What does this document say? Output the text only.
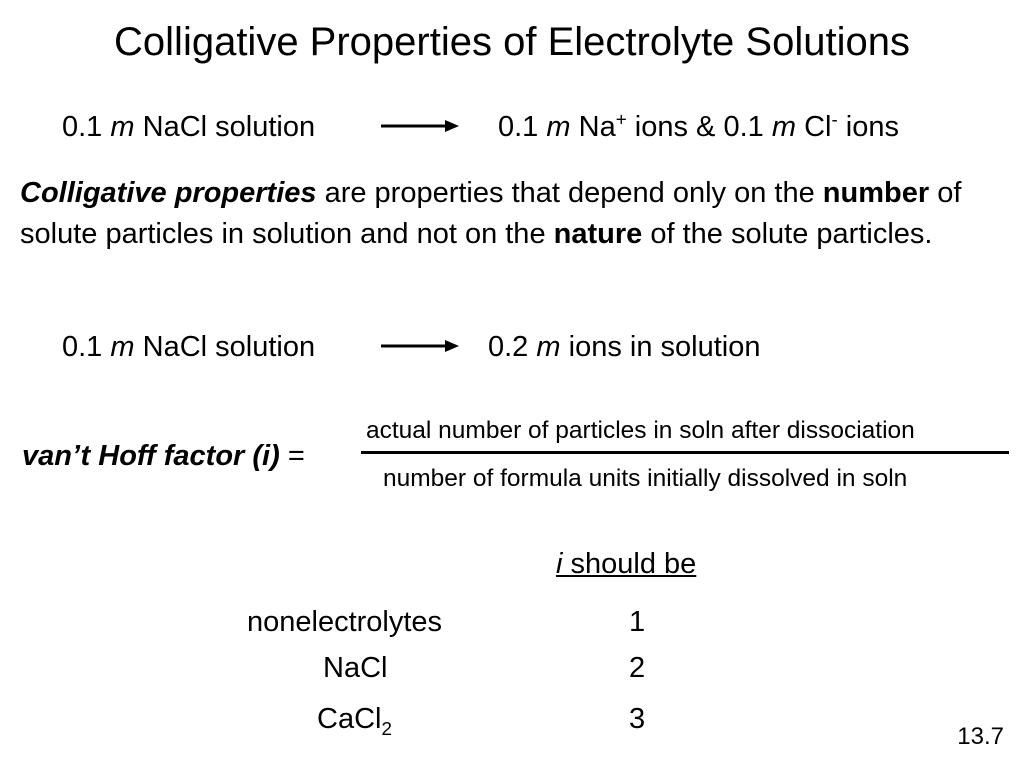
Colligative Properties of Electrolyte Solutions
0.1 m NaCl solution	0.1 m Na+ ions & 0.1 m Cl- ions
Colligative properties are properties that depend only on the number of solute particles in solution and not on the nature of the solute particles.
0.1 m NaCl solution	0.2 m ions in solution
van’t Hoff factor (i) =
actual number of particles in soln after dissociation
number of formula units initially dissolved in soln
i should be
nonelectrolytes	1
NaCl	2
CaCl$_2$	3
13.7
